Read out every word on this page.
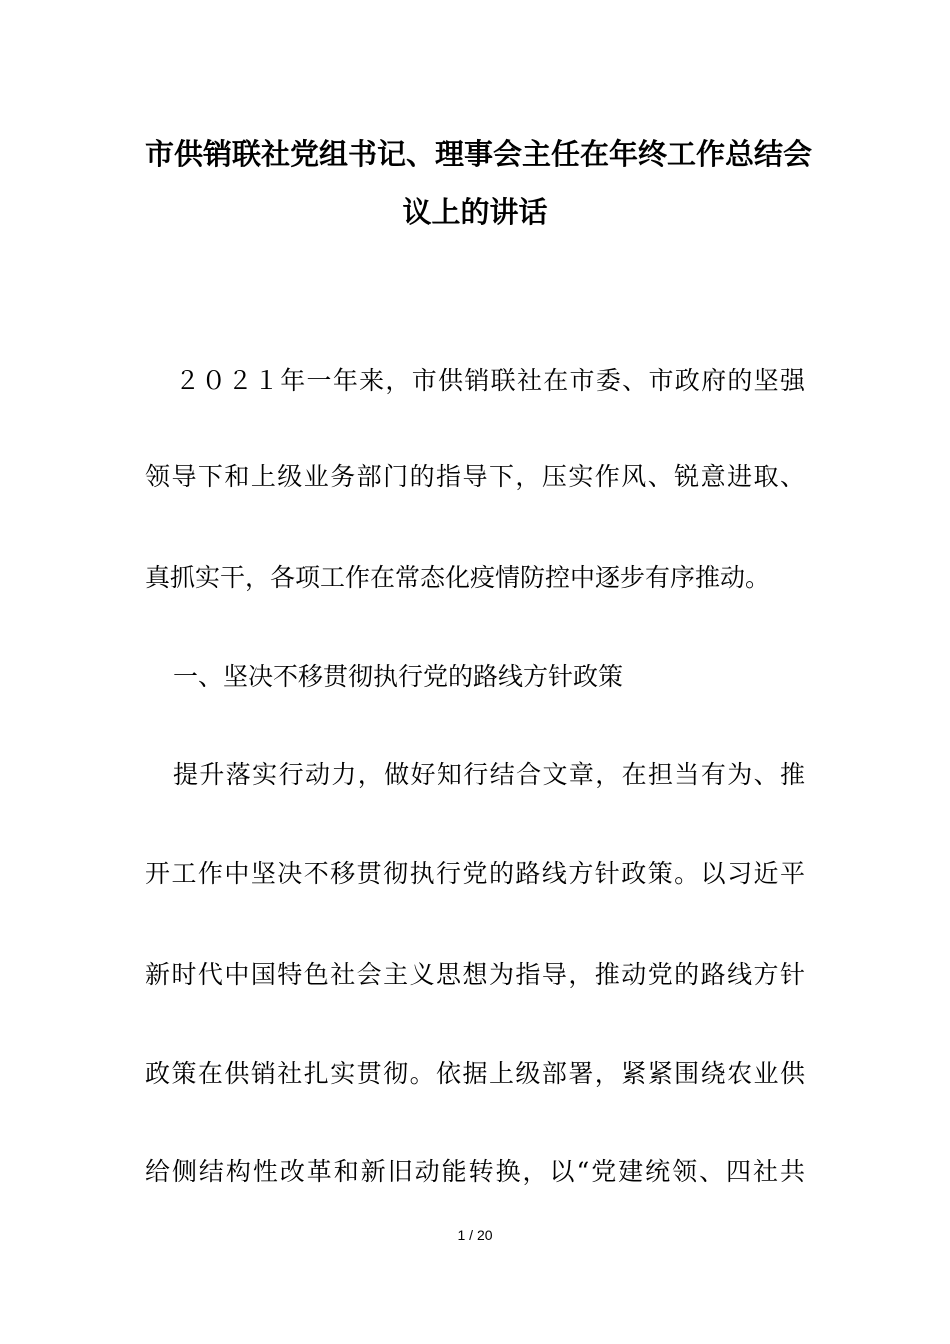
市供销联社党组书记、理事会主任在年终工作总结会
议上的讲话
２０２１年一年来，市供销联社在市委、市政府的坚强
领导下和上级业务部门的指导下，压实作风、锐意进取、
真抓实干，各项工作在常态化疫情防控中逐步有序推动。
一、坚决不移贯彻执行党的路线方针政策
提升落实行动力，做好知行结合文章，在担当有为、推
开工作中坚决不移贯彻执行党的路线方针政策。以习近平
新时代中国特色社会主义思想为指导，推动党的路线方针
政策在供销社扎实贯彻。依据上级部署，紧紧围绕农业供
给侧结构性改革和新旧动能转换，以“党建统领、四社共
1 / 20
